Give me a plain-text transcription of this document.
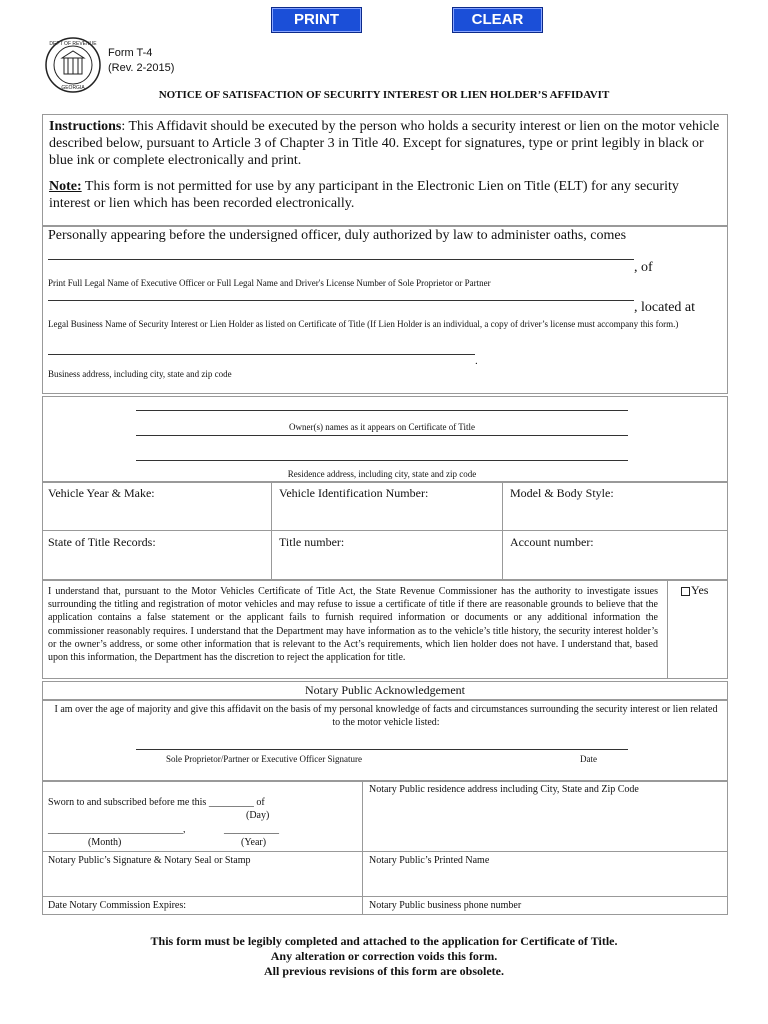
PRINT	CLEAR
DEPT OF REVENUE
GEORGIA
Form T-4
(Rev. 2-2015)
NOTICE OF SATISFACTION OF SECURITY INTEREST OR LIEN HOLDER’S AFFIDAVIT
Instructions: This Affidavit should be executed by the person who holds a security interest or lien on the motor vehicle described below, pursuant to Article 3 of Chapter 3 in Title 40. Except for signatures, type or print legibly in black or blue ink or complete electronically and print.
Note: This form is not permitted for use by any participant in the Electronic Lien on Title (ELT) for any security interest or lien which has been recorded electronically.
Personally appearing before the undersigned officer, duly authorized by law to administer oaths, comes
, of
Print Full Legal Name of Executive Officer or Full Legal Name and Driver's License Number of Sole Proprietor or Partner
, located at
Legal Business Name of Security Interest or Lien Holder as listed on Certificate of Title (If Lien Holder is an individual, a copy of driver’s license must accompany this form.)
.
Business address, including city, state and zip code
Owner(s) names as it appears on Certificate of Title
Residence address, including city, state and zip code
Vehicle Year & Make:	Vehicle Identification Number:	Model & Body Style:
State of Title Records:	Title number:	Account number:
I understand that, pursuant to the Motor Vehicles Certificate of Title Act, the State Revenue Commissioner has the authority to investigate issues surrounding the titling and registration of motor vehicles and may refuse to issue a certificate of title if there are reasonable grounds to believe that the application contains a false statement or the applicant fails to furnish required information or documents or any additional information the commissioner reasonably requires. I understand that the Department may have information as to the vehicle’s title history, the security interest holder’s or the owner’s address, or some other information that is relevant to the Act’s requirements, which lien holder does not have. I understand that, based upon this information, the Department has the discretion to reject the application for title.
Yes
Notary Public Acknowledgement
I am over the age of majority and give this affidavit on the basis of my personal knowledge of facts and circumstances surrounding the security interest or lien related to the motor vehicle listed:
Sole Proprietor/Partner or Executive Officer Signature	Date
Sworn to and subscribed before me this _________ of
(Day)
___________________________,	___________
(Month)	(Year)
Notary Public residence address including City, State and Zip Code
Notary Public’s Signature & Notary Seal or Stamp	Notary Public’s Printed Name
Date Notary Commission Expires:	Notary Public business phone number
This form must be legibly completed and attached to the application for Certificate of Title.
Any alteration or correction voids this form.
All previous revisions of this form are obsolete.
